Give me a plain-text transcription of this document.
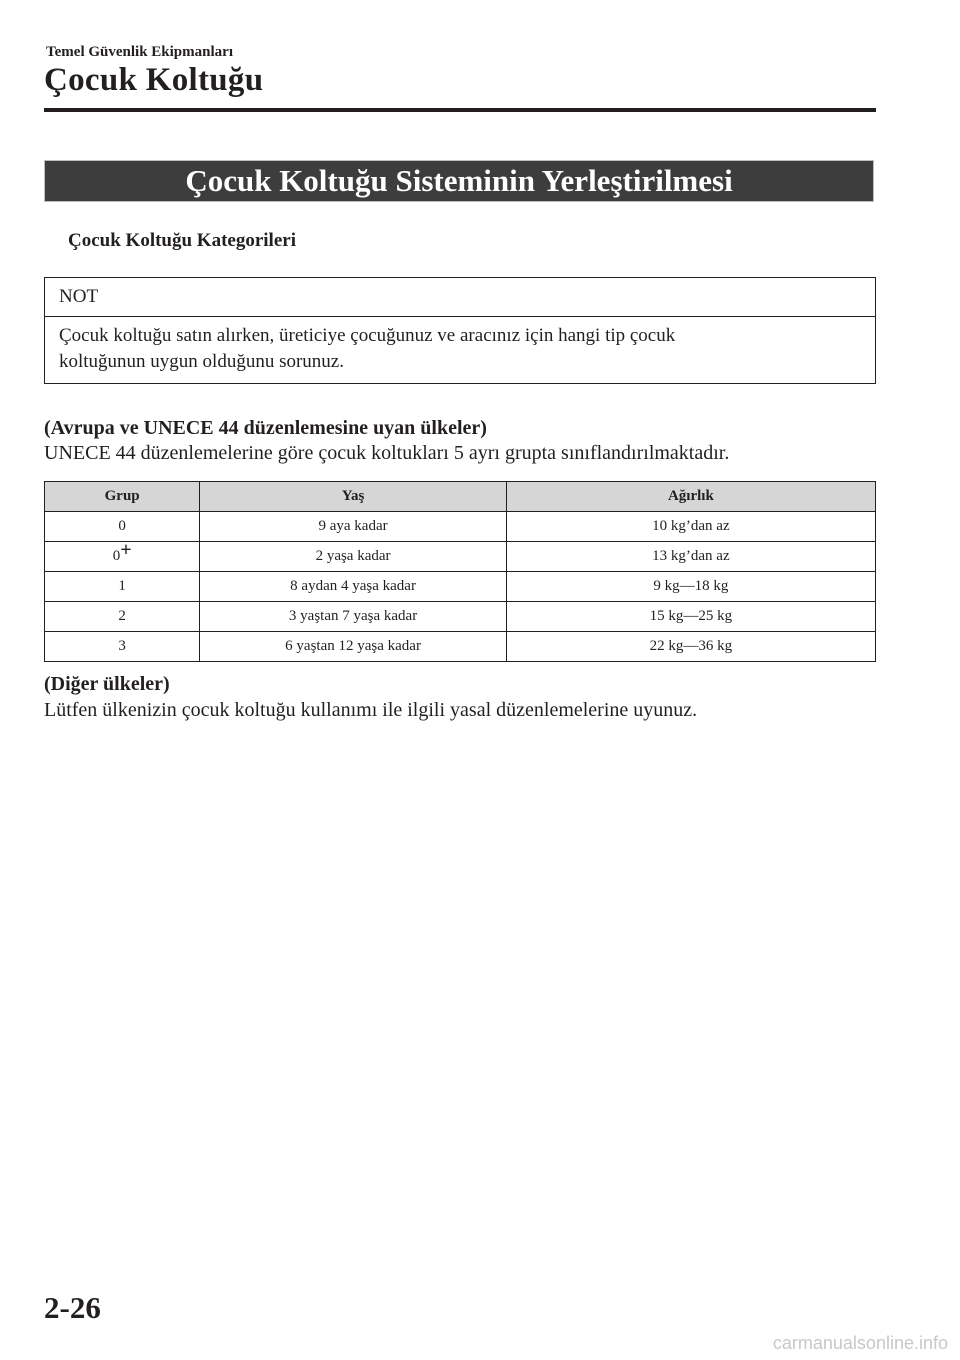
Temel Güvenlik Ekipmanları
Çocuk Koltuğu
Çocuk Koltuğu Sisteminin Yerleştirilmesi
Çocuk Koltuğu Kategorileri
NOT
Çocuk koltuğu satın alırken, üreticiye çocuğunuz ve aracınız için hangi tip çocuk
koltuğunun uygun olduğunu sorunuz.
(Avrupa ve UNECE 44 düzenlemesine uyan ülkeler)
UNECE 44 düzenlemelerine göre çocuk koltukları 5 ayrı grupta sınıflandırılmaktadır.
Grup	Yaş	Ağırlık
0	9 aya kadar	10 kg’dan az
0+	2 yaşa kadar	13 kg’dan az
1	8 aydan 4 yaşa kadar	9 kg—18 kg
2	3 yaştan 7 yaşa kadar	15 kg—25 kg
3	6 yaştan 12 yaşa kadar	22 kg—36 kg
(Diğer ülkeler)
Lütfen ülkenizin çocuk koltuğu kullanımı ile ilgili yasal düzenlemelerine uyunuz.
2-26
carmanualsonline.info
